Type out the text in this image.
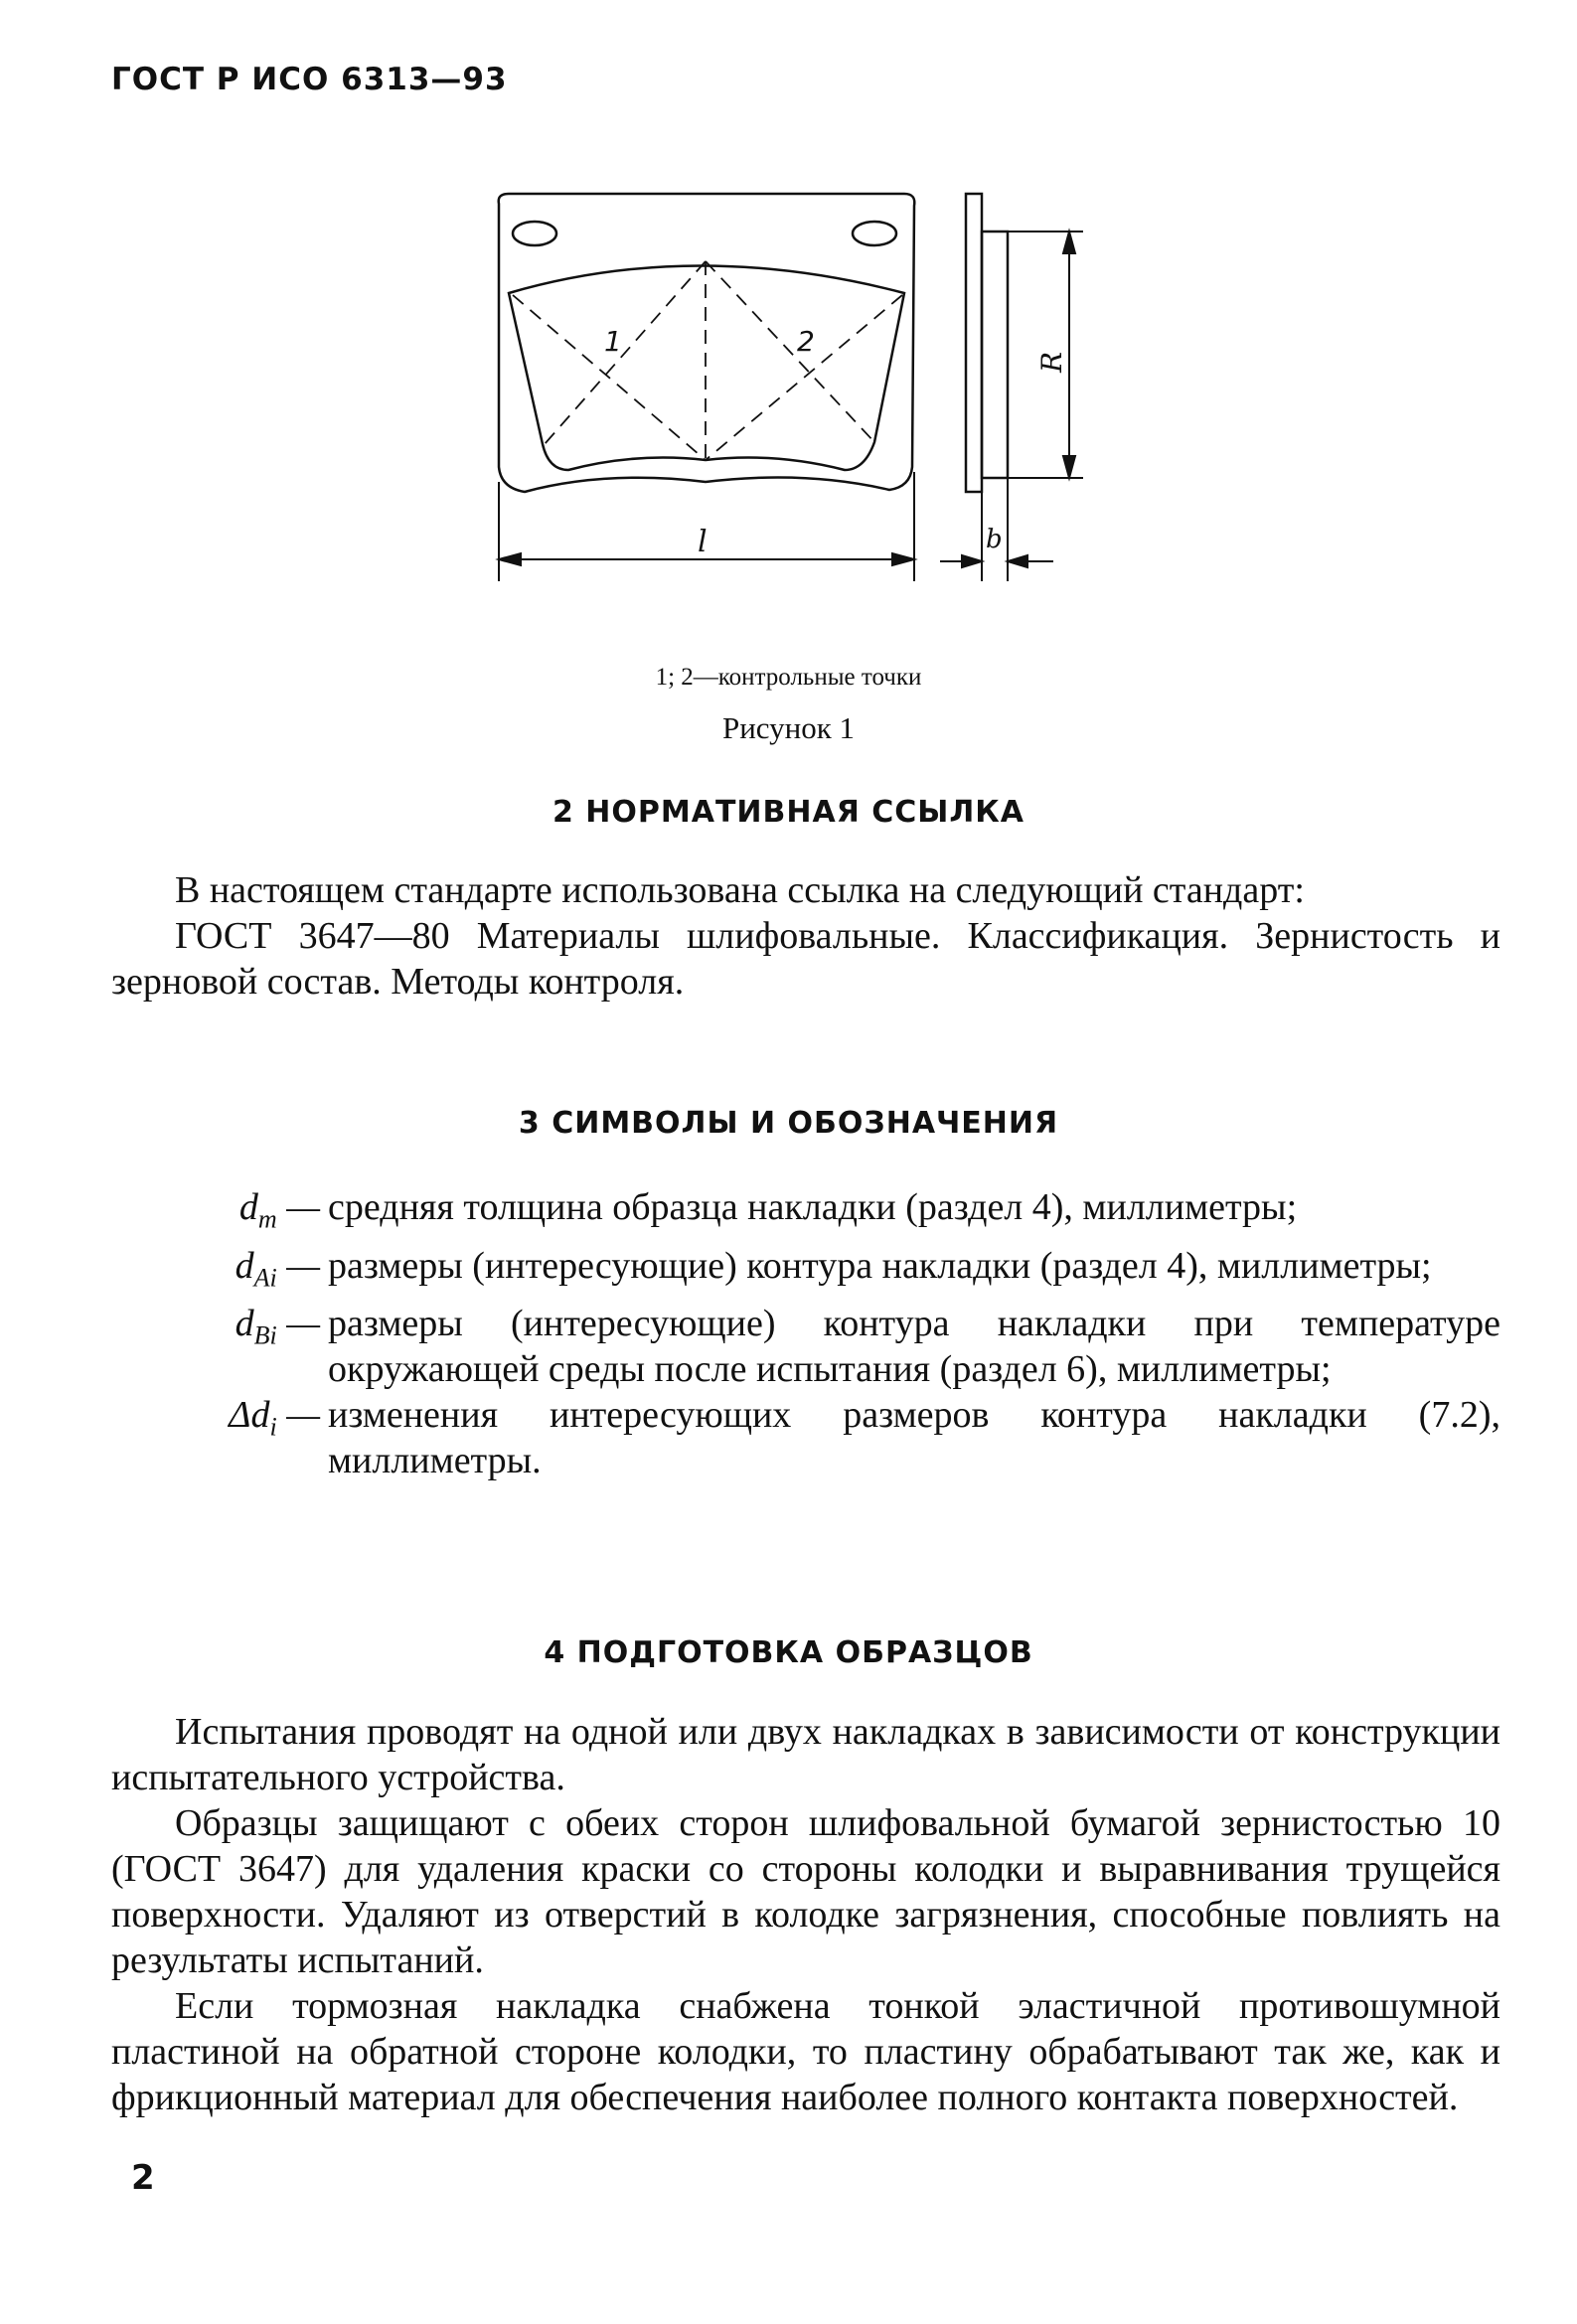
ГОСТ Р ИСО 6313—93
1	2
l
R
b
1; 2—контрольные точки
Рисунок 1
2 НОРМАТИВНАЯ ССЫЛКА

В настоящем стандарте использована ссылка на следующий стандарт:

ГОСТ 3647—80 Материалы шлифовальные. Классификация. Зернистость и зерновой состав. Методы контроля.

3 СИМВОЛЫ И ОБОЗНАЧЕНИЯ
$d_m$ — средняя толщина образца накладки (раздел 4), миллиметры;
$d_{Ai}$ — размеры (интересующие) контура накладки (раздел 4), миллиметры;
$d_{Bi}$ — размеры (интересующие) контура накладки при температуре окружающей среды после испытания (раздел 6), миллиметры;
$\Delta d_i$ — изменения интересующих размеров контура накладки (7.2), миллиметры.
4 ПОДГОТОВКА ОБРАЗЦОВ

Испытания проводят на одной или двух накладках в зависимости от конструкции испытательного устройства.

Образцы защищают с обеих сторон шлифовальной бумагой зернистостью 10 (ГОСТ 3647) для удаления краски со стороны колодки и выравнивания трущейся поверхности. Удаляют из отверстий в колодке загрязнения, способные повлиять на результаты испытаний.

Если тормозная накладка снабжена тонкой эластичной противошумной пластиной на обратной стороне колодки, то пластину обрабатывают так же, как и фрикционный материал для обеспечения наиболее полного контакта поверхностей.

2
